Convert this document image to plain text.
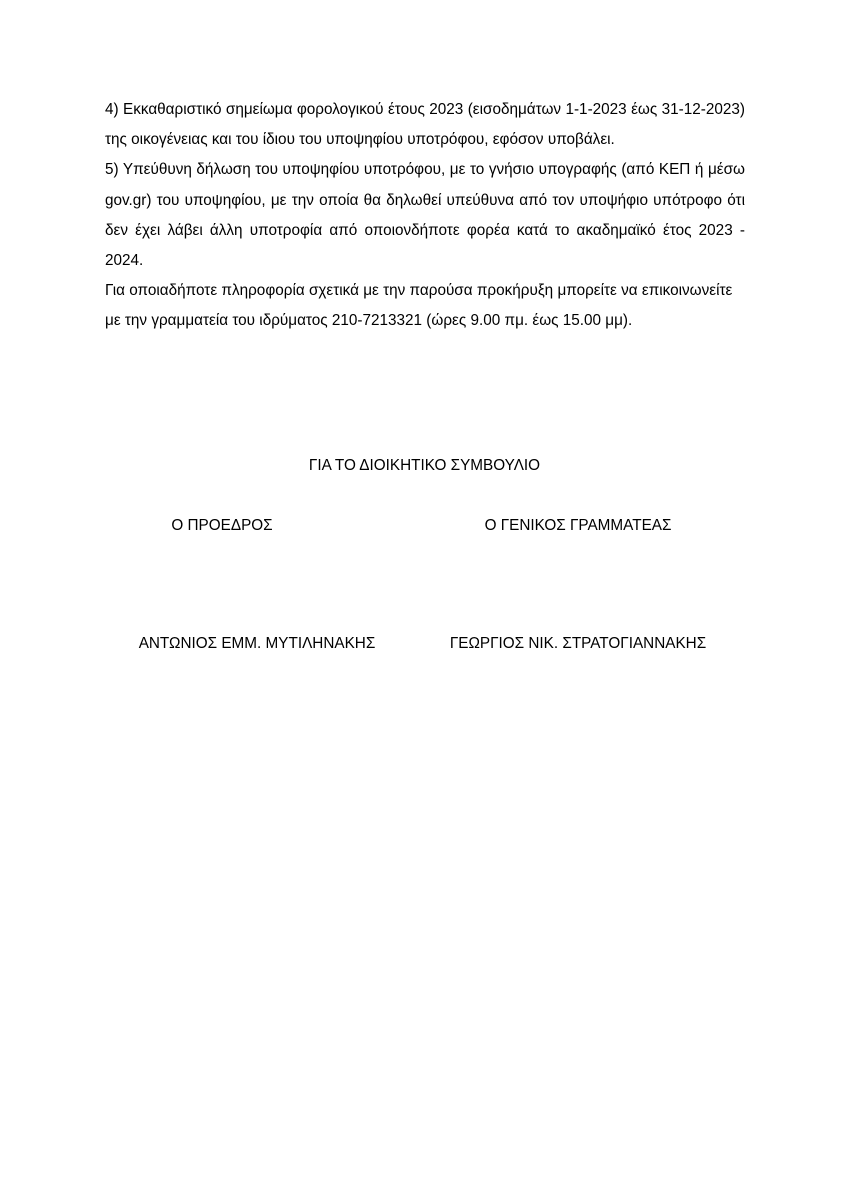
4) Εκκαθαριστικό σημείωμα φορολογικού έτους 2023 (εισοδημάτων 1-1-2023 έως 31-12-2023) της οικογένειας και του ίδιου του υποψηφίου υποτρόφου, εφόσον υποβάλει.

5) Υπεύθυνη δήλωση του υποψηφίου υποτρόφου, με το γνήσιο υπογραφής (από ΚΕΠ ή μέσω gov.gr) του υποψηφίου, με την οποία θα δηλωθεί υπεύθυνα από τον υποψήφιο υπότροφο ότι δεν έχει λάβει άλλη υποτροφία από οποιονδήποτε φορέα κατά το ακαδημαϊκό έτος 2023 - 2024.

Για οποιαδήποτε πληροφορία σχετικά με την παρούσα προκήρυξη μπορείτε να επικοινωνείτε με την γραμματεία του ιδρύματος 210-7213321 (ώρες 9.00 πμ. έως 15.00 μμ).

ΓΙΑ ΤΟ ΔΙΟΙΚΗΤΙΚΟ ΣΥΜΒΟΥΛΙΟ
Ο ΠΡΟΕΔΡΟΣ	Ο ΓΕΝΙΚΟΣ ΓΡΑΜΜΑΤΕΑΣ
ΑΝΤΩΝΙΟΣ ΕΜΜ. ΜΥΤΙΛΗΝΑΚΗΣ	ΓΕΩΡΓΙΟΣ ΝΙΚ. ΣΤΡΑΤΟΓΙΑΝΝΑΚΗΣ
